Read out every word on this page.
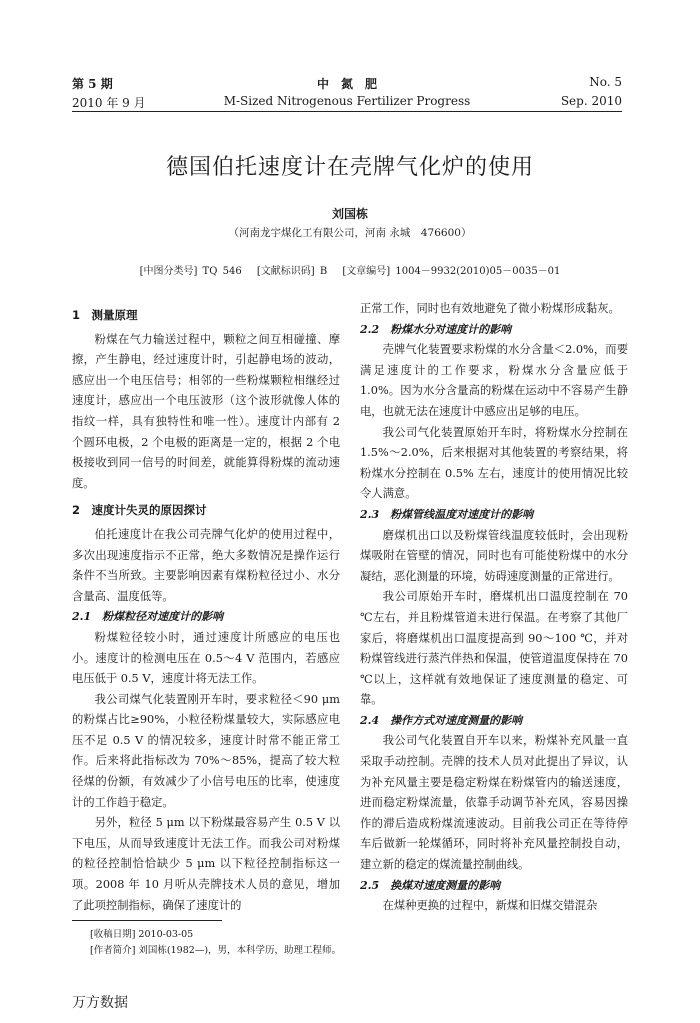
第 5 期	中　氮　肥	No. 5
2010 年 9 月	M-Sized Nitrogenous Fertilizer Progress	Sep. 2010
德国伯托速度计在壳牌气化炉的使用
刘国栋
（河南龙宇煤化工有限公司，河南 永城　476600）
[中图分类号] TQ 546　 [文献标识码] B　 [文章编号] 1004－9932(2010)05－0035－01
1　测量原理

粉煤在气力输送过程中，颗粒之间互相碰撞、摩擦，产生静电，经过速度计时，引起静电场的波动，感应出一个电压信号；相邻的一些粉煤颗粒相继经过速度计，感应出一个电压波形（这个波形就像人体的指纹一样，具有独特性和唯一性）。速度计内部有 2 个圆环电极，2 个电极的距离是一定的，根据 2 个电极接收到同一信号的时间差，就能算得粉煤的流动速度。

2　速度计失灵的原因探讨

伯托速度计在我公司壳牌气化炉的使用过程中，多次出现速度指示不正常，绝大多数情况是操作运行条件不当所致。主要影响因素有煤粉粒径过小、水分含量高、温度低等。

2.1　粉煤粒径对速度计的影响

粉煤粒径较小时，通过速度计所感应的电压也小。速度计的检测电压在 0.5～4 V 范围内，若感应电压低于 0.5 V，速度计将无法工作。

我公司煤气化装置刚开车时，要求粒径＜90 μm 的粉煤占比≥90%，小粒径粉煤量较大，实际感应电压不足 0.5 V 的情况较多，速度计时常不能正常工作。后来将此指标改为 70%～85%，提高了较大粒径煤的份额，有效减少了小信号电压的比率，使速度计的工作趋于稳定。

另外，粒径 5 μm 以下粉煤最容易产生 0.5 V 以下电压，从而导致速度计无法工作。而我公司对粉煤的粒径控制恰恰缺少 5 μm 以下粒径控制指标这一项。2008 年 10 月听从壳牌技术人员的意见，增加了此项控制指标，确保了速度计的

正常工作，同时也有效地避免了微小粉煤形成黏灰。

2.2　粉煤水分对速度计的影响

壳牌气化装置要求粉煤的水分含量＜2.0%，而要满足速度计的工作要求，粉煤水分含量应低于 1.0%。因为水分含量高的粉煤在运动中不容易产生静电，也就无法在速度计中感应出足够的电压。

我公司气化装置原始开车时，将粉煤水分控制在 1.5%～2.0%，后来根据对其他装置的考察结果，将粉煤水分控制在 0.5% 左右，速度计的使用情况比较令人满意。

2.3　粉煤管线温度对速度计的影响

磨煤机出口以及粉煤管线温度较低时，会出现粉煤吸附在管壁的情况，同时也有可能使粉煤中的水分凝结，恶化测量的环境，妨碍速度测量的正常进行。

我公司原始开车时，磨煤机出口温度控制在 70 ℃左右，并且粉煤管道未进行保温。在考察了其他厂家后，将磨煤机出口温度提高到 90～100 ℃，并对粉煤管线进行蒸汽伴热和保温，使管道温度保持在 70 ℃以上，这样就有效地保证了速度测量的稳定、可靠。

2.4　操作方式对速度测量的影响

我公司气化装置自开车以来，粉煤补充风量一直采取手动控制。壳牌的技术人员对此提出了异议，认为补充风量主要是稳定粉煤在粉煤管内的输送速度，进而稳定粉煤流量，依靠手动调节补充风，容易因操作的滞后造成粉煤流速波动。目前我公司正在等待停车后做新一轮煤循环，同时将补充风量控制投自动，建立新的稳定的煤流量控制曲线。

2.5　换煤对速度测量的影响

在煤种更换的过程中，新煤和旧煤交错混杂

[收稿日期] 2010-03-05
[作者简介] 刘国栋(1982—)，男，本科学历，助理工程师。
万方数据
